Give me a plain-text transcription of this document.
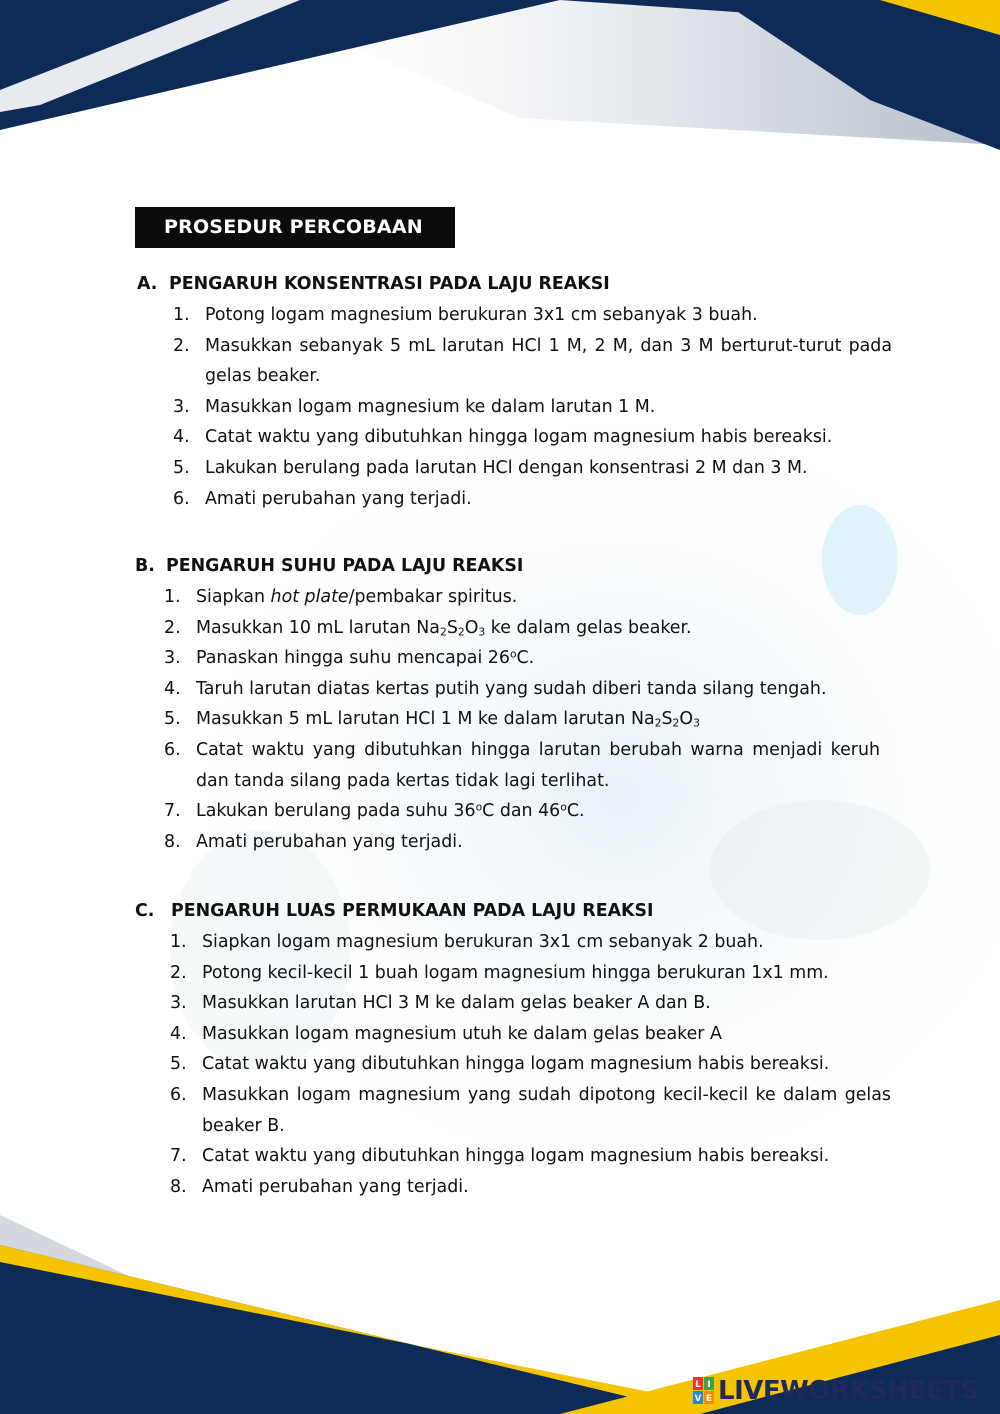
PROSEDUR PERCOBAAN
A. PENGARUH KONSENTRASI PADA LAJU REAKSI
1. Potong logam magnesium berukuran 3x1 cm sebanyak 3 buah.
2. Masukkan sebanyak 5 mL larutan HCl 1 M, 2 M, dan 3 M berturut-turut pada gelas beaker.
3. Masukkan logam magnesium ke dalam larutan 1 M.
4. Catat waktu yang dibutuhkan hingga logam magnesium habis bereaksi.
5. Lakukan berulang pada larutan HCl dengan konsentrasi 2 M dan 3 M.
6. Amati perubahan yang terjadi.
B. PENGARUH SUHU PADA LAJU REAKSI
1. Siapkan hot plate/pembakar spiritus.
2. Masukkan 10 mL larutan $Na_2S_2O_3$ ke dalam gelas beaker.
3. Panaskan hingga suhu mencapai 26$^o$C.
4. Taruh larutan diatas kertas putih yang sudah diberi tanda silang tengah.
5. Masukkan 5 mL larutan HCl 1 M ke dalam larutan $Na_2S_2O_3$
6. Catat waktu yang dibutuhkan hingga larutan berubah warna menjadi keruh dan tanda silang pada kertas tidak lagi terlihat.
7. Lakukan berulang pada suhu 36$^o$C dan 46$^o$C.
8. Amati perubahan yang terjadi.
C. PENGARUH LUAS PERMUKAAN PADA LAJU REAKSI
1. Siapkan logam magnesium berukuran 3x1 cm sebanyak 2 buah.
2. Potong kecil-kecil 1 buah logam magnesium hingga berukuran 1x1 mm.
3. Masukkan larutan HCl 3 M ke dalam gelas beaker A dan B.
4. Masukkan logam magnesium utuh ke dalam gelas beaker A
5. Catat waktu yang dibutuhkan hingga logam magnesium habis bereaksi.
6. Masukkan logam magnesium yang sudah dipotong kecil-kecil ke dalam gelas beaker B.
7. Catat waktu yang dibutuhkan hingga logam magnesium habis bereaksi.
8. Amati perubahan yang terjadi.
L I
V E LIVEWORKSHEETS
